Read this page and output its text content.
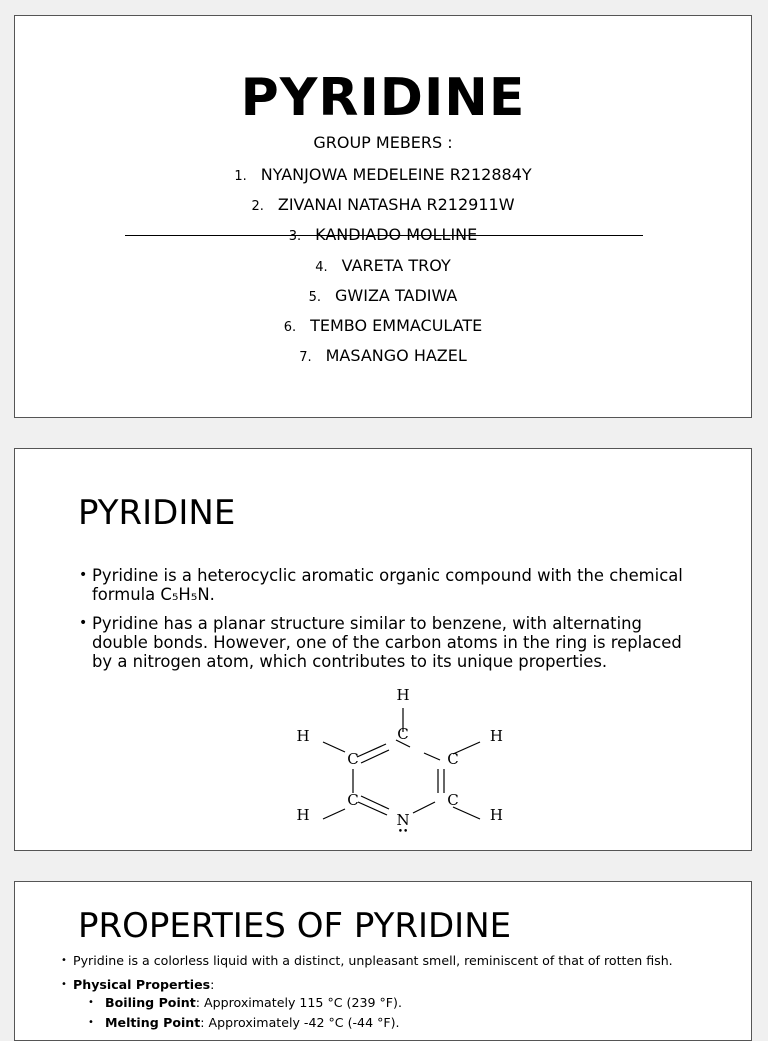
PYRIDINE
GROUP MEBERS :
1. NYANJOWA MEDELEINE R212884Y
2. ZIVANAI NATASHA R212911W
3. KANDIADO MOLLINE
4. VARETA TROY
5. GWIZA TADIWA
6. TEMBO EMMACULATE
7. MASANGO HAZEL
PYRIDINE
• Pyridine is a heterocyclic aromatic organic compound with the chemical formula C₅H₅N.
• Pyridine has a planar structure similar to benzene, with alternating double bonds. However, one of the carbon atoms in the ring is replaced by a nitrogen atom, which contributes to its unique properties.
C
C	C
C	C
N
••
H
H	H
H	H
PROPERTIES OF PYRIDINE
• Pyridine is a colorless liquid with a distinct, unpleasant smell, reminiscent of that of rotten fish.
• Physical Properties:
• Boiling Point: Approximately 115 °C (239 °F).
• Melting Point: Approximately -42 °C (-44 °F).
